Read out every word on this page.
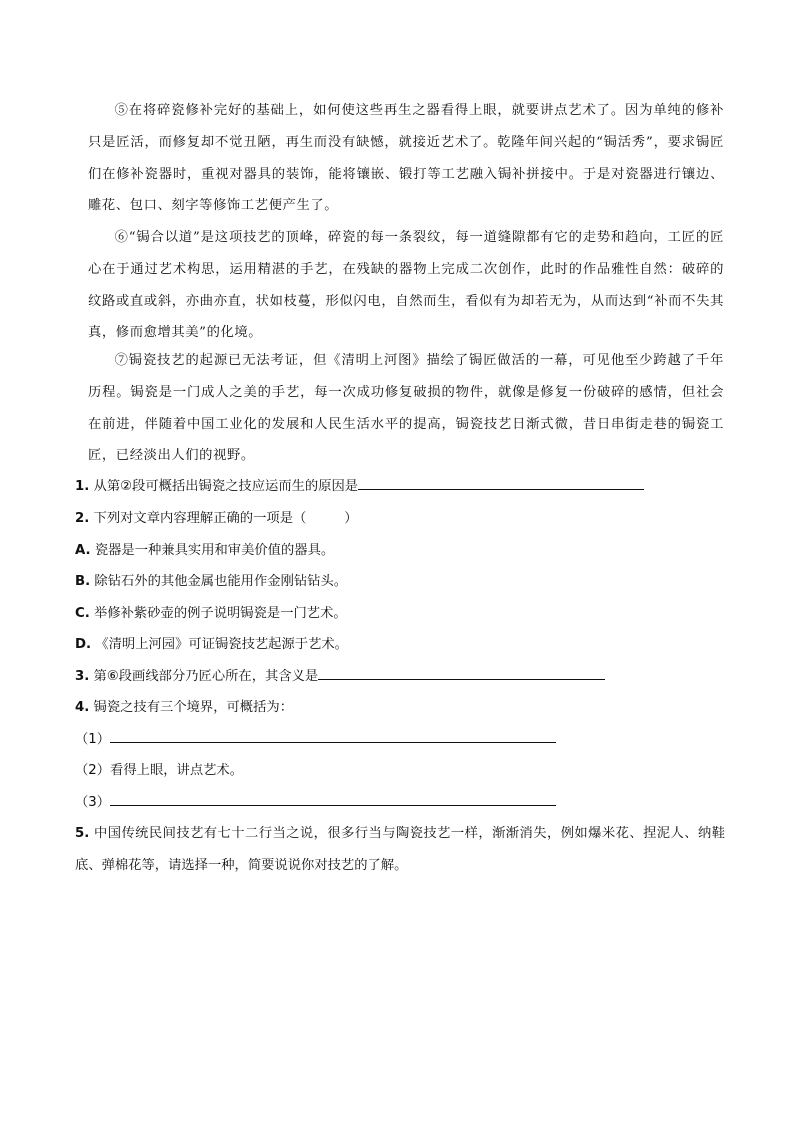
⑤在将碎瓷修补完好的基础上，如何使这些再生之器看得上眼，就要讲点艺术了。因为单纯的修补只是匠活，而修复却不觉丑陋，再生而没有缺憾，就接近艺术了。乾隆年间兴起的“锔活秀”，要求锔匠们在修补瓷器时，重视对器具的装饰，能将镶嵌、锻打等工艺融入锔补拼接中。于是对瓷器进行镶边、雕花、包口、刻字等修饰工艺便产生了。

⑥“锔合以道”是这项技艺的顶峰，碎瓷的每一条裂纹，每一道缝隙都有它的走势和趋向，工匠的匠心在于通过艺术构思，运用精湛的手艺，在残缺的器物上完成二次创作，此时的作品雅性自然：破碎的纹路或直或斜，亦曲亦直，状如枝蔓，形似闪电，自然而生，看似有为却若无为，从而达到“补而不失其真，修而愈增其美”的化境。

⑦锔瓷技艺的起源已无法考证，但《清明上河图》描绘了锔匠做活的一幕，可见他至少跨越了千年历程。锔瓷是一门成人之美的手艺，每一次成功修复破损的物件，就像是修复一份破碎的感情，但社会在前进，伴随着中国工业化的发展和人民生活水平的提高，锔瓷技艺日渐式微，昔日串街走巷的锔瓷工匠，已经淡出人们的视野。

1. 从第②段可概括出锔瓷之技应运而生的原因是

2. 下列对文章内容理解正确的一项是（	）

A. 瓷器是一种兼具实用和审美价值的器具。

B. 除钻石外的其他金属也能用作金刚钻钻头。

C. 举修补紫砂壶的例子说明锔瓷是一门艺术。

D. 《清明上河园》可证锔瓷技艺起源于艺术。

3. 第⑥段画线部分乃匠心所在，其含义是

4. 锔瓷之技有三个境界，可概括为：

（1）

（2）看得上眼，讲点艺术。

（3）

5. 中国传统民间技艺有七十二行当之说，很多行当与陶瓷技艺一样，渐渐消失，例如爆米花、捏泥人、纳鞋底、弹棉花等，请选择一种，简要说说你对技艺的了解。
